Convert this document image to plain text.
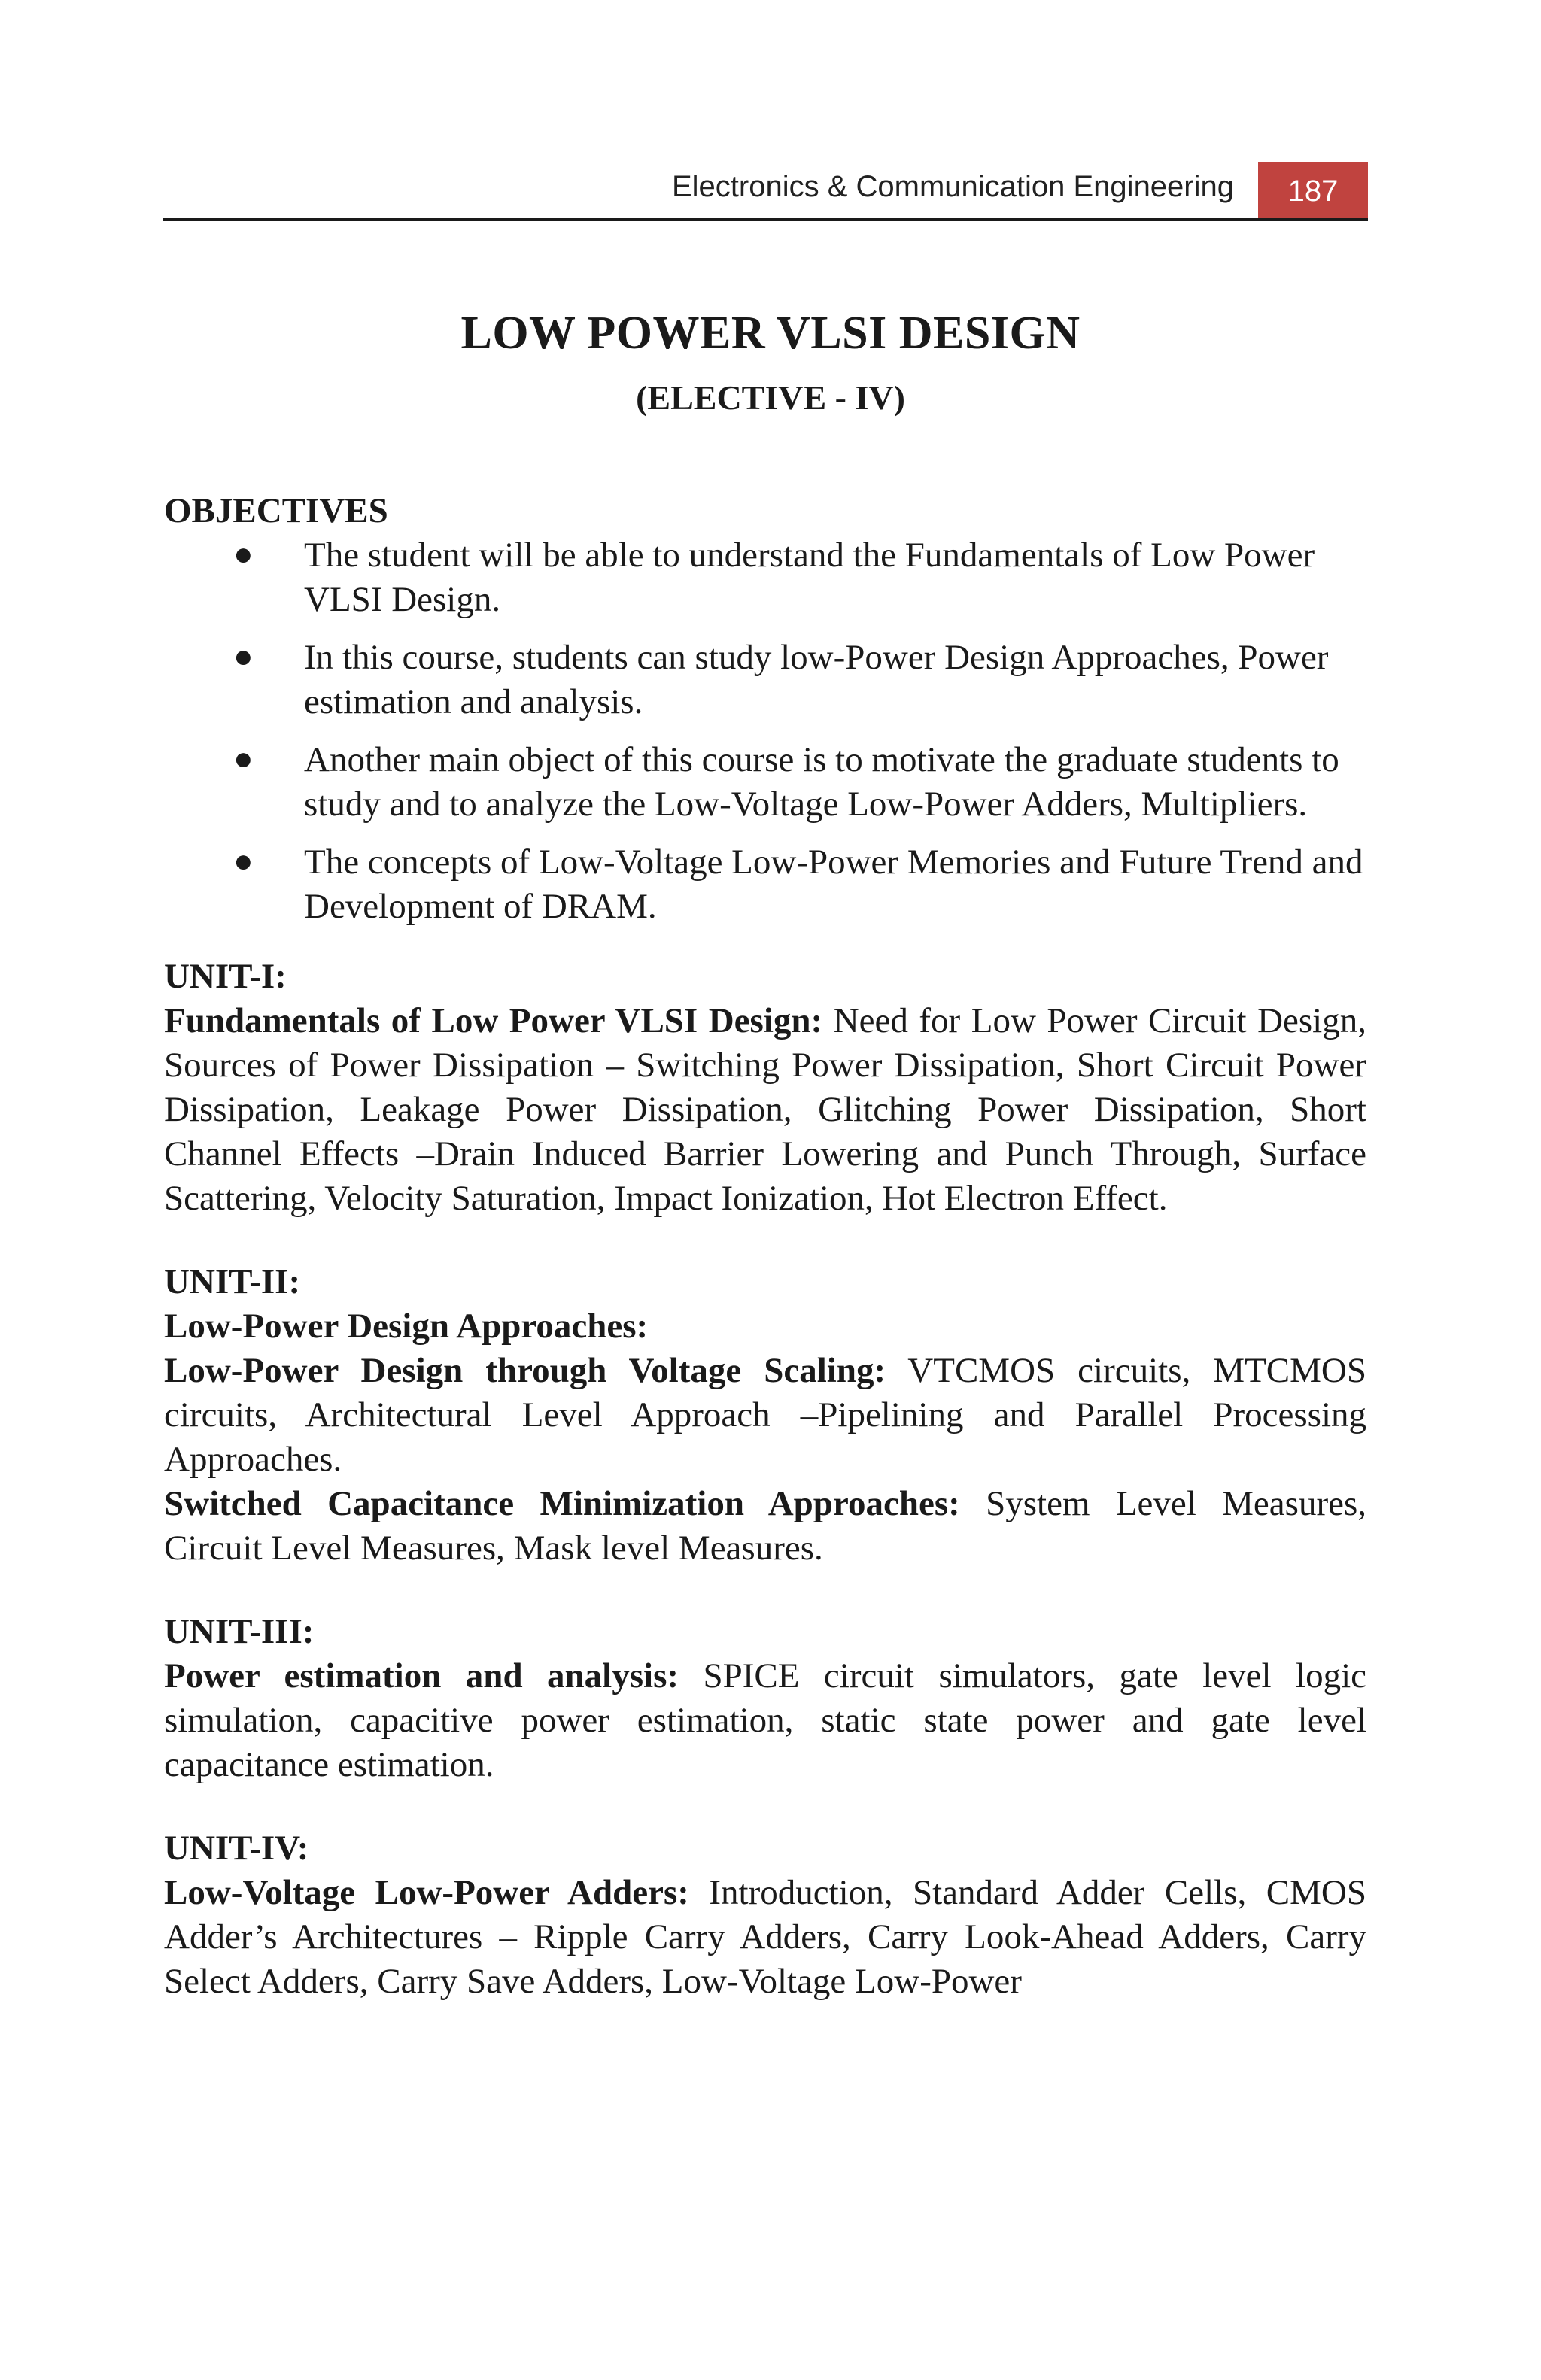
Electronics & Communication Engineering 187
LOW POWER VLSI DESIGN
(ELECTIVE - IV)

OBJECTIVES

● The student will be able to understand the Fundamentals of Low Power VLSI Design.
● In this course, students can study low-Power Design Approaches, Power estimation and analysis.
● Another main object of this course is to motivate the graduate students to study and to analyze the Low-Voltage Low-Power Adders, Multipliers.
● The concepts of Low-Voltage Low-Power Memories and Future Trend and Development of DRAM.

UNIT-I:

Fundamentals of Low Power VLSI Design: Need for Low Power Circuit Design, Sources of Power Dissipation – Switching Power Dissipation, Short Circuit Power Dissipation, Leakage Power Dissipation, Glitching Power Dissipation, Short Channel Effects –Drain Induced Barrier Lowering and Punch Through, Surface Scattering, Velocity Saturation, Impact Ionization, Hot Electron Effect.

UNIT-II:

Low-Power Design Approaches:

Low-Power Design through Voltage Scaling: VTCMOS circuits, MTCMOS circuits, Architectural Level Approach –Pipelining and Parallel Processing Approaches.

Switched Capacitance Minimization Approaches: System Level Measures, Circuit Level Measures, Mask level Measures.

UNIT-III:

Power estimation and analysis: SPICE circuit simulators, gate level logic simulation, capacitive power estimation, static state power and gate level capacitance estimation.

UNIT-IV:

Low-Voltage Low-Power Adders: Introduction, Standard Adder Cells, CMOS Adder’s Architectures – Ripple Carry Adders, Carry Look-Ahead Adders, Carry Select Adders, Carry Save Adders, Low-Voltage Low-Power
